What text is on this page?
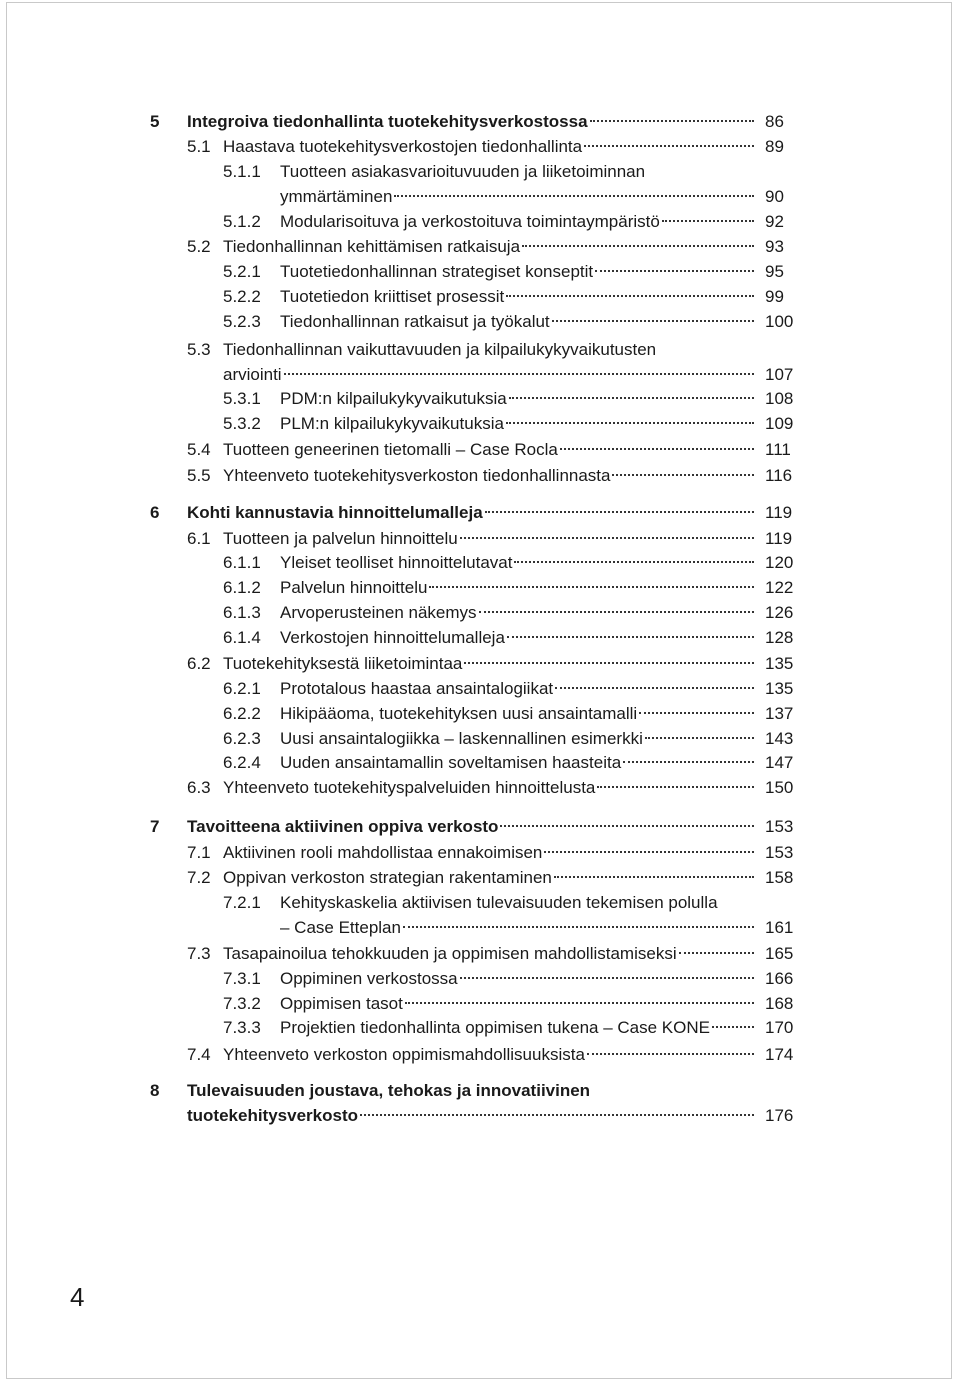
5 Integroiva tiedonhallinta tuotekehitysverkostossa	86
5.1 Haastava tuotekehitysverkostojen tiedonhallinta	89
5.1.1 Tuotteen asiakasvarioituvuuden ja liiketoiminnan
ymmärtäminen	90
5.1.2 Modularisoituva ja verkostoituva toimintaympäristö	92
5.2 Tiedonhallinnan kehittämisen ratkaisuja	93
5.2.1 Tuotetiedonhallinnan strategiset konseptit	95
5.2.2 Tuotetiedon kriittiset prosessit	99
5.2.3 Tiedonhallinnan ratkaisut ja työkalut	100
5.3 Tiedonhallinnan vaikuttavuuden ja kilpailukykyvaikutusten
arviointi	107
5.3.1 PDM:n kilpailukykyvaikutuksia	108
5.3.2 PLM:n kilpailukykyvaikutuksia	109
5.4 Tuotteen geneerinen tietomalli – Case Rocla	111
5.5 Yhteenveto tuotekehitysverkoston tiedonhallinnasta	116
6 Kohti kannustavia hinnoittelumalleja	119
6.1 Tuotteen ja palvelun hinnoittelu	119
6.1.1 Yleiset teolliset hinnoittelutavat	120
6.1.2 Palvelun hinnoittelu	122
6.1.3 Arvoperusteinen näkemys	126
6.1.4 Verkostojen hinnoittelumalleja	128
6.2 Tuotekehityksestä liiketoimintaa	135
6.2.1 Prototalous haastaa ansaintalogiikat	135
6.2.2 Hikipääoma, tuotekehityksen uusi ansaintamalli	137
6.2.3 Uusi ansaintalogiikka – laskennallinen esimerkki	143
6.2.4 Uuden ansaintamallin soveltamisen haasteita	147
6.3 Yhteenveto tuotekehityspalveluiden hinnoittelusta	150
7 Tavoitteena aktiivinen oppiva verkosto	153
7.1 Aktiivinen rooli mahdollistaa ennakoimisen	153
7.2 Oppivan verkoston strategian rakentaminen	158
7.2.1 Kehityskaskelia aktiivisen tulevaisuuden tekemisen polulla
– Case Etteplan	161
7.3 Tasapainoilua tehokkuuden ja oppimisen mahdollistamiseksi	165
7.3.1 Oppiminen verkostossa	166
7.3.2 Oppimisen tasot	168
7.3.3 Projektien tiedonhallinta oppimisen tukena – Case KONE	170
7.4 Yhteenveto verkoston oppimismahdollisuuksista	174
8 Tulevaisuuden joustava, tehokas ja innovatiivinen
tuotekehitysverkosto	176
4
